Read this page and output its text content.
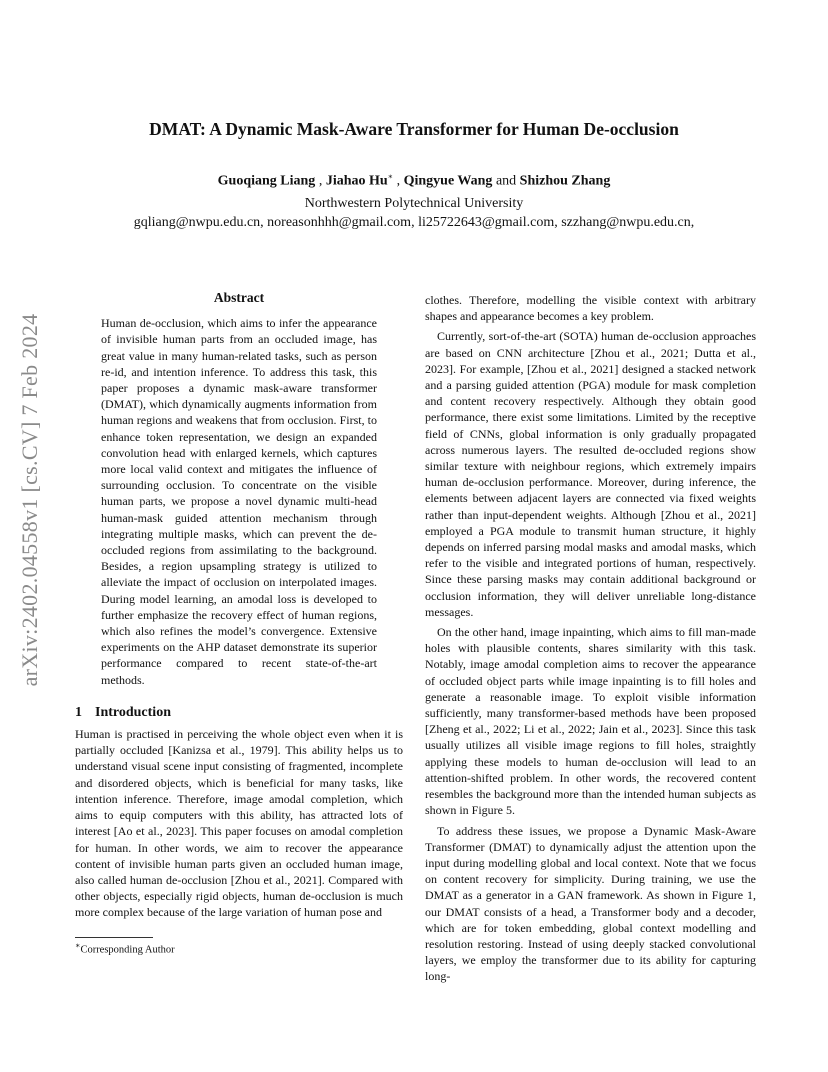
arXiv:2402.04558v1 [cs.CV] 7 Feb 2024
DMAT: A Dynamic Mask-Aware Transformer for Human De-occlusion
Guoqiang Liang , Jiahao Hu∗ , Qingyue Wang and Shizhou Zhang
Northwestern Polytechnical University
gqliang@nwpu.edu.cn, noreasonhhh@gmail.com, li25722643@gmail.com, szzhang@nwpu.edu.cn,
Abstract
Human de-occlusion, which aims to infer the appearance of invisible human parts from an occluded image, has great value in many human-related tasks, such as person re-id, and intention inference. To address this task, this paper proposes a dynamic mask-aware transformer (DMAT), which dynamically augments information from human regions and weakens that from occlusion. First, to enhance token representation, we design an expanded convolution head with enlarged kernels, which captures more local valid context and mitigates the influence of surrounding occlusion. To concentrate on the visible human parts, we propose a novel dynamic multi-head human-mask guided attention mechanism through integrating multiple masks, which can prevent the de-occluded regions from assimilating to the background. Besides, a region upsampling strategy is utilized to alleviate the impact of occlusion on interpolated images. During model learning, an amodal loss is developed to further emphasize the recovery effect of human regions, which also refines the model’s convergence. Extensive experiments on the AHP dataset demonstrate its superior performance compared to recent state-of-the-art methods.
1 Introduction

Human is practised in perceiving the whole object even when it is partially occluded [Kanizsa et al., 1979]. This ability helps us to understand visual scene input consisting of fragmented, incomplete and disordered objects, which is beneficial for many tasks, like intention inference. Therefore, image amodal completion, which aims to equip computers with this ability, has attracted lots of interest [Ao et al., 2023]. This paper focuses on amodal completion for human. In other words, we aim to recover the appearance content of invisible human parts given an occluded human image, also called human de-occlusion [Zhou et al., 2021]. Compared with other objects, especially rigid objects, human de-occlusion is much more complex because of the large variation of human pose and

clothes. Therefore, modelling the visible context with arbitrary shapes and appearance becomes a key problem.

Currently, sort-of-the-art (SOTA) human de-occlusion approaches are based on CNN architecture [Zhou et al., 2021; Dutta et al., 2023]. For example, [Zhou et al., 2021] designed a stacked network and a parsing guided attention (PGA) module for mask completion and content recovery respectively. Although they obtain good performance, there exist some limitations. Limited by the receptive field of CNNs, global information is only gradually propagated across numerous layers. The resulted de-occluded regions show similar texture with neighbour regions, which extremely impairs human de-occlusion performance. Moreover, during inference, the elements between adjacent layers are connected via fixed weights rather than input-dependent weights. Although [Zhou et al., 2021] employed a PGA module to transmit human structure, it highly depends on inferred parsing modal masks and amodal masks, which refer to the visible and integrated portions of human, respectively. Since these parsing masks may contain additional background or occlusion information, they will deliver unreliable long-distance messages.

On the other hand, image inpainting, which aims to fill man-made holes with plausible contents, shares similarity with this task. Notably, image amodal completion aims to recover the appearance of occluded object parts while image inpainting is to fill holes and generate a reasonable image. To exploit visible information sufficiently, many transformer-based methods have been proposed [Zheng et al., 2022; Li et al., 2022; Jain et al., 2023]. Since this task usually utilizes all visible image regions to fill holes, straightly applying these models to human de-occlusion will lead to an attention-shifted problem. In other words, the recovered content resembles the background more than the intended human subjects as shown in Figure 5.

To address these issues, we propose a Dynamic Mask-Aware Transformer (DMAT) to dynamically adjust the attention upon the input during modelling global and local context. Note that we focus on content recovery for simplicity. During training, we use the DMAT as a generator in a GAN framework. As shown in Figure 1, our DMAT consists of a head, a Transformer body and a decoder, which are for token embedding, global context modelling and resolution restoring. Instead of using deeply stacked convolutional layers, we employ the transformer due to its ability for capturing long-

∗Corresponding Author
